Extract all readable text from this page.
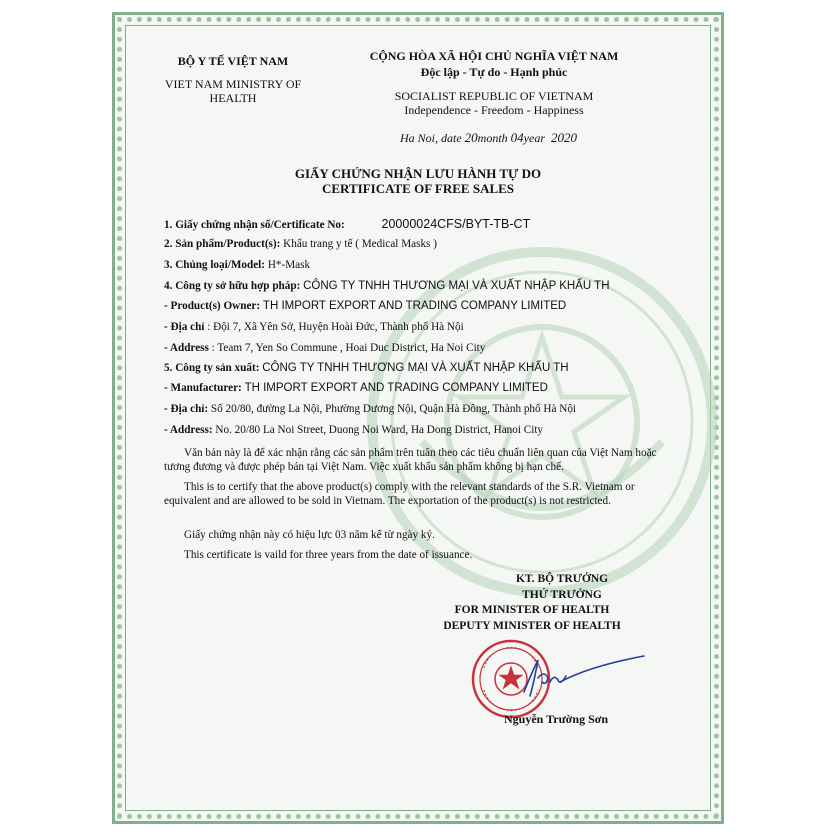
BỘ Y TẾ VIỆT NAM
VIET NAM MINISTRY OF
HEALTH
CỘNG HÒA XÃ HỘI CHỦ NGHĨA VIỆT NAM
Độc lập - Tự do - Hạnh phúc
SOCIALIST REPUBLIC OF VIETNAM
Independence - Freedom - Happiness
Ha Noi, date 20month 04year 2020
GIẤY CHỨNG NHẬN LƯU HÀNH TỰ DO
CERTIFICATE OF FREE SALES
1. Giấy chứng nhận số/Certificate No:	20000024CFS/BYT-TB-CT
2. Sản phẩm/Product(s): Khẩu trang y tế ( Medical Masks )
3. Chủng loại/Model: H*-Mask
4. Công ty sở hữu hợp pháp: CÔNG TY TNHH THƯƠNG MẠI VÀ XUẤT NHẬP KHẨU TH
- Product(s) Owner: TH IMPORT EXPORT AND TRADING COMPANY LIMITED
- Địa chỉ : Đội 7, Xã Yên Sở, Huyện Hoài Đức, Thành phố Hà Nội
- Address : Team 7, Yen So Commune , Hoai Duc District, Ha Noi City
5. Công ty sản xuất: CÔNG TY TNHH THƯƠNG MẠI VÀ XUẤT NHẬP KHẨU TH
- Manufacturer: TH IMPORT EXPORT AND TRADING COMPANY LIMITED
- Địa chỉ: Số 20/80, đường La Nội, Phường Dương Nội, Quận Hà Đông, Thành phố Hà Nội
- Address: No. 20/80 La Noi Street, Duong Noi Ward, Ha Dong District, Hanoi City
Văn bản này là để xác nhận rằng các sản phẩm trên tuân theo các tiêu chuẩn liên quan của Việt Nam hoặc tương đương và được phép bán tại Việt Nam. Việc xuất khẩu sản phẩm không bị hạn chế.
This is to certify that the above product(s) comply with the relevant standards of the S.R. Vietnam or equivalent and are allowed to be sold in Vietnam. The exportation of the product(s) is not restricted.
Giấy chứng nhận này có hiệu lực 03 năm kể từ ngày ký.
This certificate is vaild for three years from the date of issuance.
KT. BỘ TRƯỞNG
THỨ TRƯỞNG
FOR MINISTER OF HEALTH
DEPUTY MINISTER OF HEALTH
Nguyễn Trường Sơn
